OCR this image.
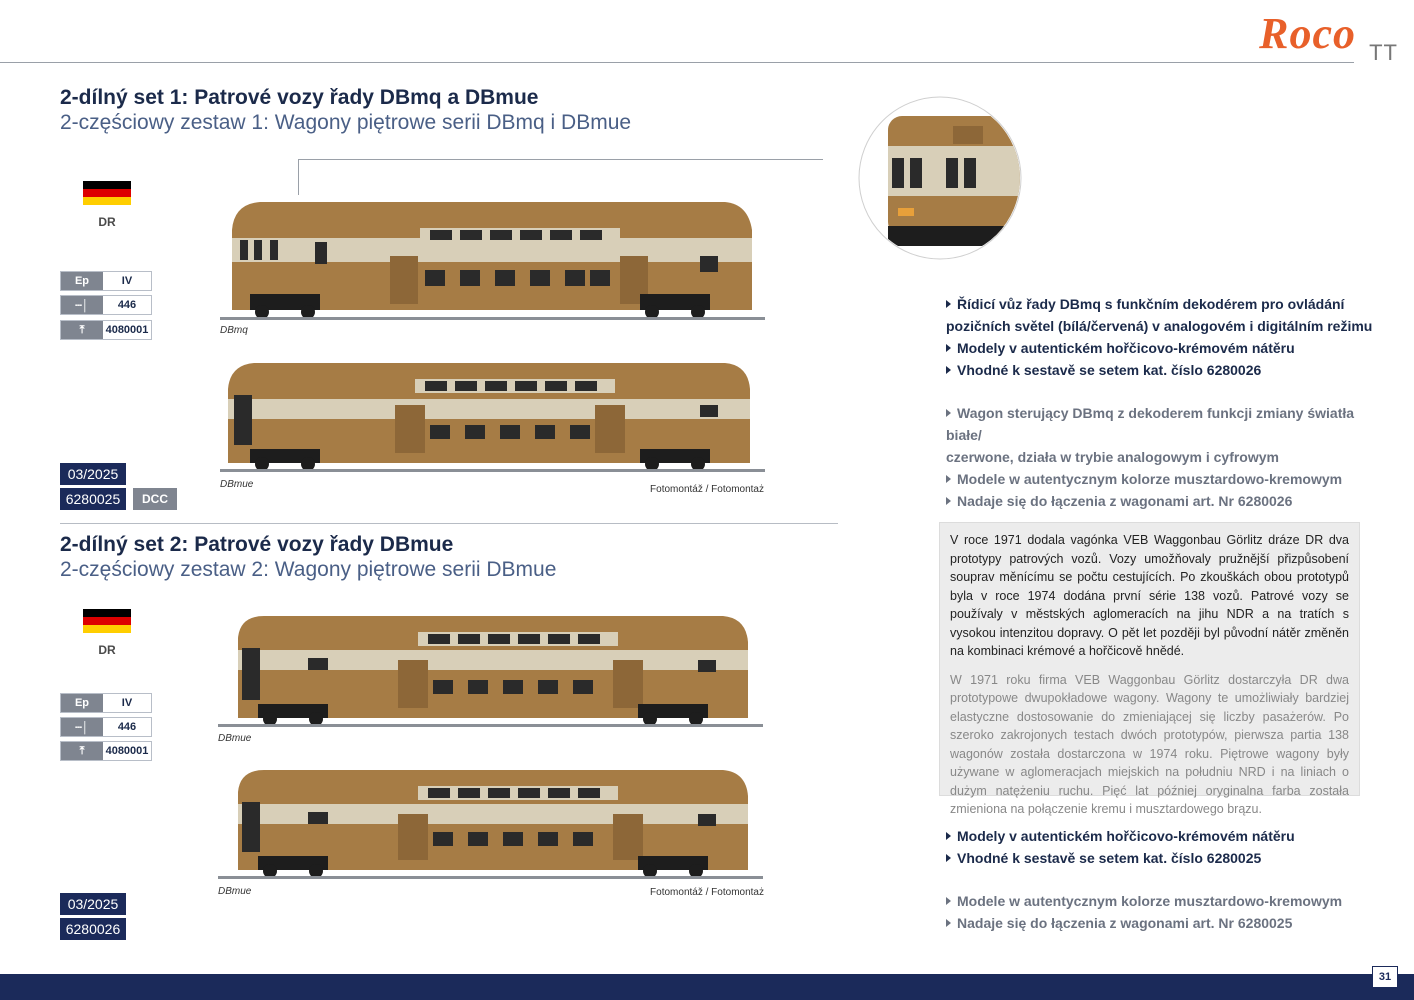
Roco TT
2-dílný set 1: Patrové vozy řady DBmq a DBmue
2-częściowy zestaw 1: Wagony piętrowe serii DBmq i DBmue
DR
Ep	IV
┄│	446
⤒	4080001
03/2025
6280025	DCC
DBmq
DBmue	Fotomontáž / Fotomontaż
Řídicí vůz řady DBmq s funkčním dekodérem pro ovládání
pozičních světel (bílá/červená) v analogovém i digitálním režimu
Modely v autentickém hořčicovo-krémovém nátěru
Vhodné k sestavě se setem kat. číslo 6280026
Wagon sterujący DBmq z dekoderem funkcji zmiany światła białe/
czerwone, działa w trybie analogowym i cyfrowym
Modele w autentycznym kolorze musztardowo-kremowym
Nadaje się do łączenia z wagonami art. Nr 6280026
2-dílný set 2: Patrové vozy řady DBmue
2-częściowy zestaw 2: Wagony piętrowe serii DBmue
DR
Ep	IV
┄│	446
⤒	4080001
03/2025
6280026
DBmue
DBmue	Fotomontáž / Fotomontaż
V roce 1971 dodala vagónka VEB Waggonbau Görlitz dráze DR dva prototypy patrových vozů. Vozy umožňovaly pružnější přizpůsobení souprav měnícímu se počtu cestujících. Po zkouškách obou prototypů byla v roce 1974 dodána první série 138 vozů. Patrové vozy se používaly v městských aglomeracích na jihu NDR a na tratích s vysokou intenzitou dopravy. O pět let později byl původní nátěr změněn na kombinaci krémové a hořčicově hnědé.
W 1971 roku firma VEB Waggonbau Görlitz dostarczyła DR dwa prototypowe dwupokładowe wagony. Wagony te umożliwiały bardziej elastyczne dostosowanie do zmieniającej się liczby pasażerów. Po szeroko zakrojonych testach dwóch prototypów, pierwsza partia 138 wagonów została dostarczona w 1974 roku. Piętrowe wagony były używane w aglomeracjach miejskich na południu NRD i na liniach o dużym natężeniu ruchu. Pięć lat później oryginalna farba została zmieniona na połączenie kremu i musztardowego brązu.
Modely v autentickém hořčicovo-krémovém nátěru
Vhodné k sestavě se setem kat. číslo 6280025
Modele w autentycznym kolorze musztardowo-kremowym
Nadaje się do łączenia z wagonami art. Nr 6280025
31
